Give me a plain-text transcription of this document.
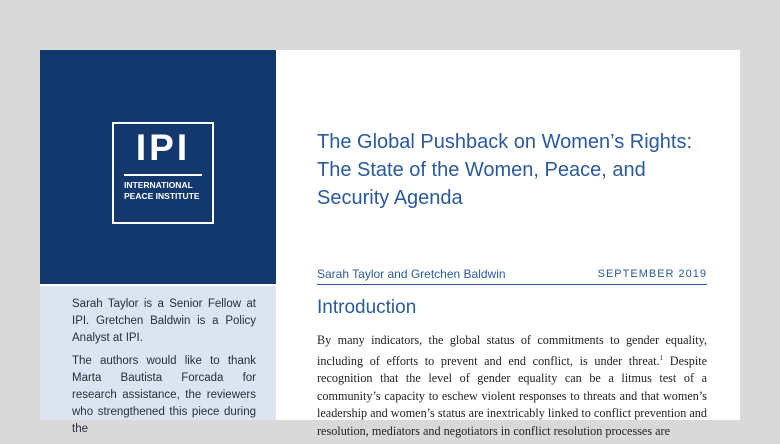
IPI
INTERNATIONAL PEACE INSTITUTE

Sarah Taylor is a Senior Fellow at IPI. Gretchen Baldwin is a Policy Analyst at IPI.

The authors would like to thank Marta Bautista Forcada for research assistance, the reviewers who strengthened this piece during the

The Global Pushback on Women’s Rights: The State of the Women, Peace, and Security Agenda
Sarah Taylor and Gretchen Baldwin	SEPTEMBER 2019
Introduction
By many indicators, the global status of commitments to gender equality, including of efforts to prevent and end conflict, is under threat.$^1$ Despite recognition that the level of gender equality can be a litmus test of a community’s capacity to eschew violent responses to threats and that women’s leadership and women’s status are inextricably linked to conflict prevention and resolution, mediators and negotiators in conflict resolution processes are
